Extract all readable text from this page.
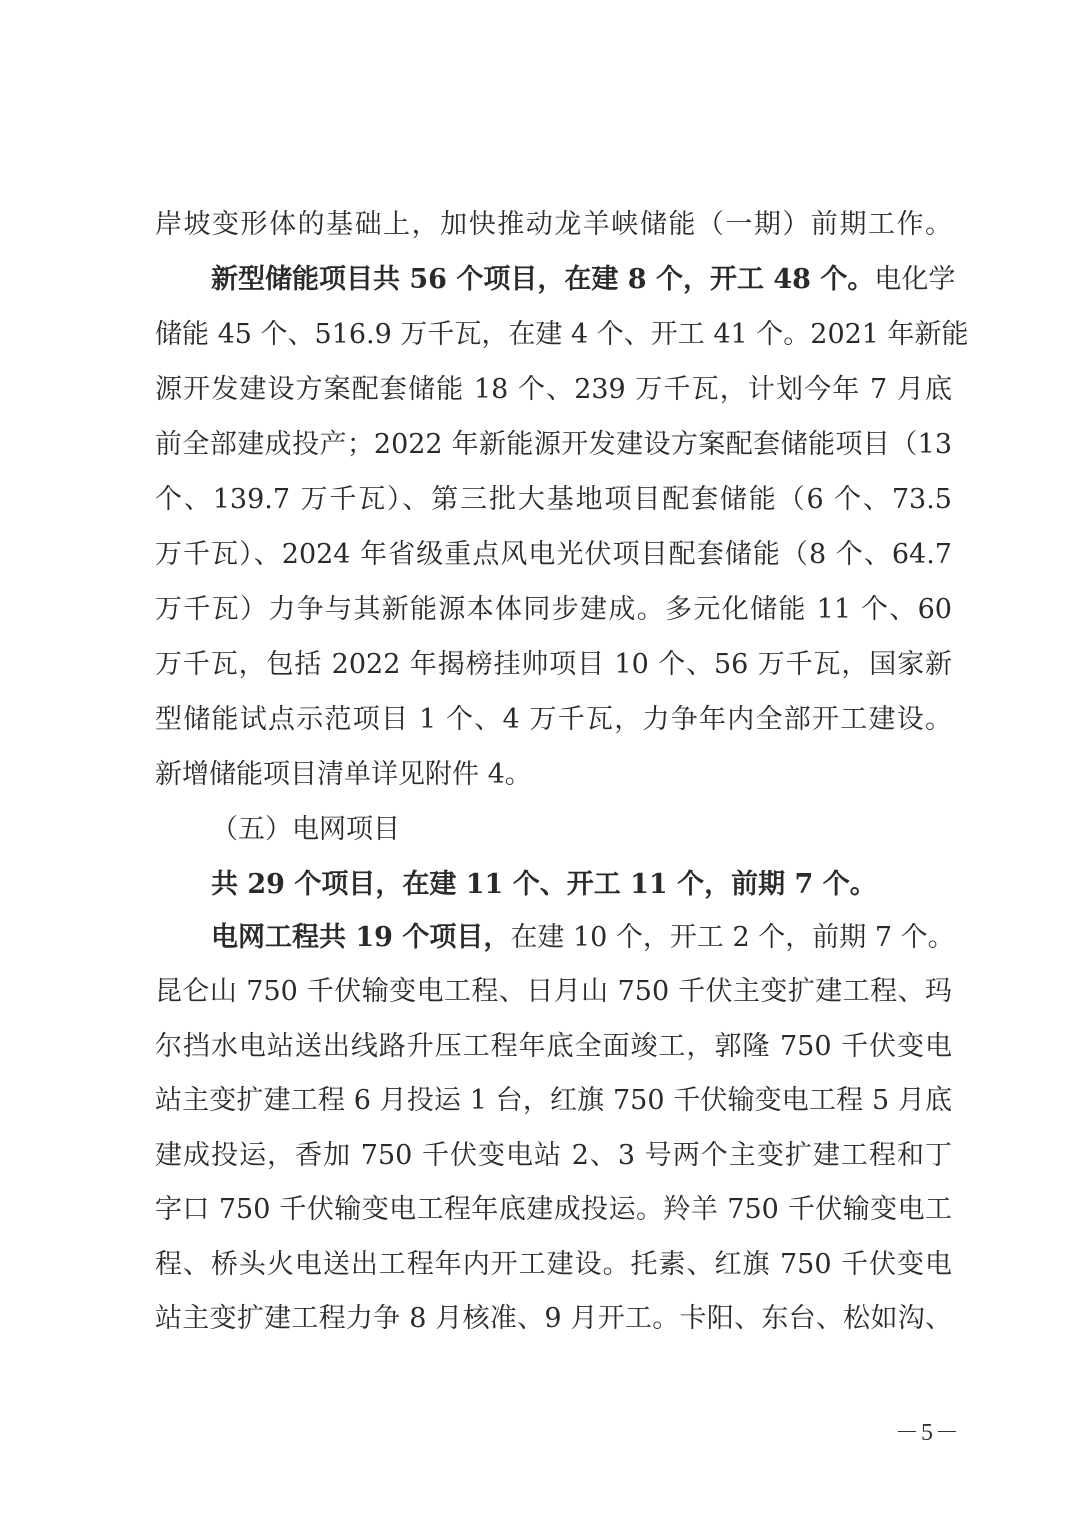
岸坡变形体的基础上，加快推动龙羊峡储能（一期）前期工作。
新型储能项目共 56 个项目，在建 8 个，开工 48 个。电化学
储能 45 个、516.9 万千瓦，在建 4 个、开工 41 个。2021 年新能
源开发建设方案配套储能 18 个、239 万千瓦，计划今年 7 月底
前全部建成投产；2022 年新能源开发建设方案配套储能项目（13
个、139.7 万千瓦）、第三批大基地项目配套储能（6 个、73.5
万千瓦）、2024 年省级重点风电光伏项目配套储能（8 个、64.7
万千瓦）力争与其新能源本体同步建成。多元化储能 11 个、60
万千瓦，包括 2022 年揭榜挂帅项目 10 个、56 万千瓦，国家新
型储能试点示范项目 1 个、4 万千瓦，力争年内全部开工建设。
新增储能项目清单详见附件 4。
（五）电网项目
共 29 个项目，在建 11 个、开工 11 个，前期 7 个。
电网工程共 19 个项目，在建 10 个，开工 2 个，前期 7 个。
昆仑山 750 千伏输变电工程、日月山 750 千伏主变扩建工程、玛
尔挡水电站送出线路升压工程年底全面竣工，郭隆 750 千伏变电
站主变扩建工程 6 月投运 1 台，红旗 750 千伏输变电工程 5 月底
建成投运，香加 750 千伏变电站 2、3 号两个主变扩建工程和丁
字口 750 千伏输变电工程年底建成投运。羚羊 750 千伏输变电工
程、桥头火电送出工程年内开工建设。托素、红旗 750 千伏变电
站主变扩建工程力争 8 月核准、9 月开工。卡阳、东台、松如沟、
－5－
